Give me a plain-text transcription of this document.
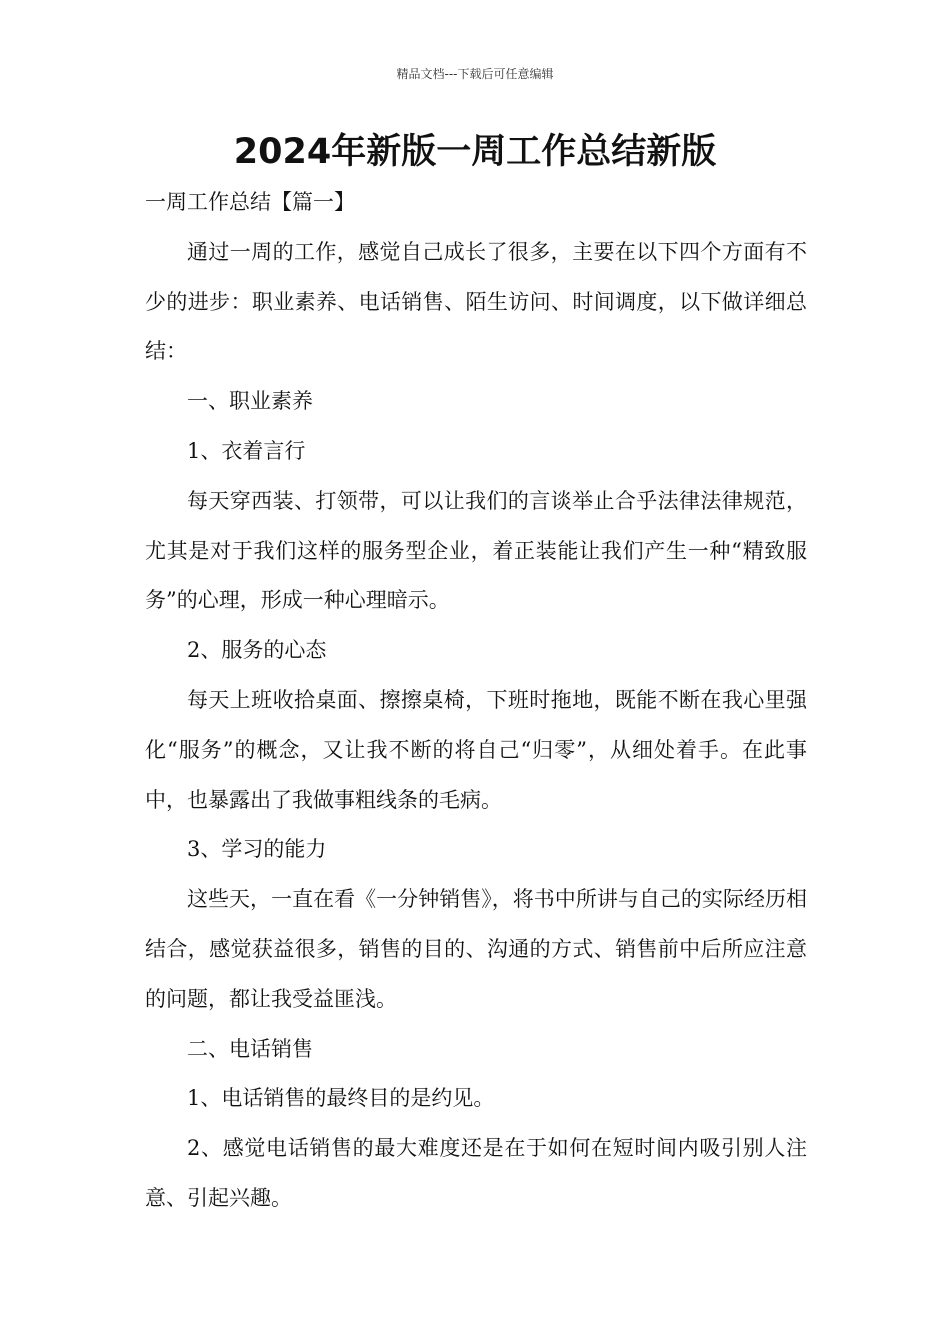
精品文档---下载后可任意编辑
2024年新版一周工作总结新版

一周工作总结【篇一】

通过一周的工作，感觉自己成长了很多，主要在以下四个方面有不少的进步：职业素养、电话销售、陌生访问、时间调度，以下做详细总结：

一、职业素养

1、衣着言行

每天穿西装、打领带，可以让我们的言谈举止合乎法律法律规范，尤其是对于我们这样的服务型企业，着正装能让我们产生一种“精致服务”的心理，形成一种心理暗示。

2、服务的心态

每天上班收拾桌面、擦擦桌椅，下班时拖地，既能不断在我心里强化“服务”的概念，又让我不断的将自己“归零”，从细处着手。在此事中，也暴露出了我做事粗线条的毛病。

3、学习的能力

这些天，一直在看《一分钟销售》，将书中所讲与自己的实际经历相结合，感觉获益很多，销售的目的、沟通的方式、销售前中后所应注意的问题，都让我受益匪浅。

二、电话销售

1、电话销售的最终目的是约见。

2、感觉电话销售的最大难度还是在于如何在短时间内吸引别人注意、引起兴趣。
